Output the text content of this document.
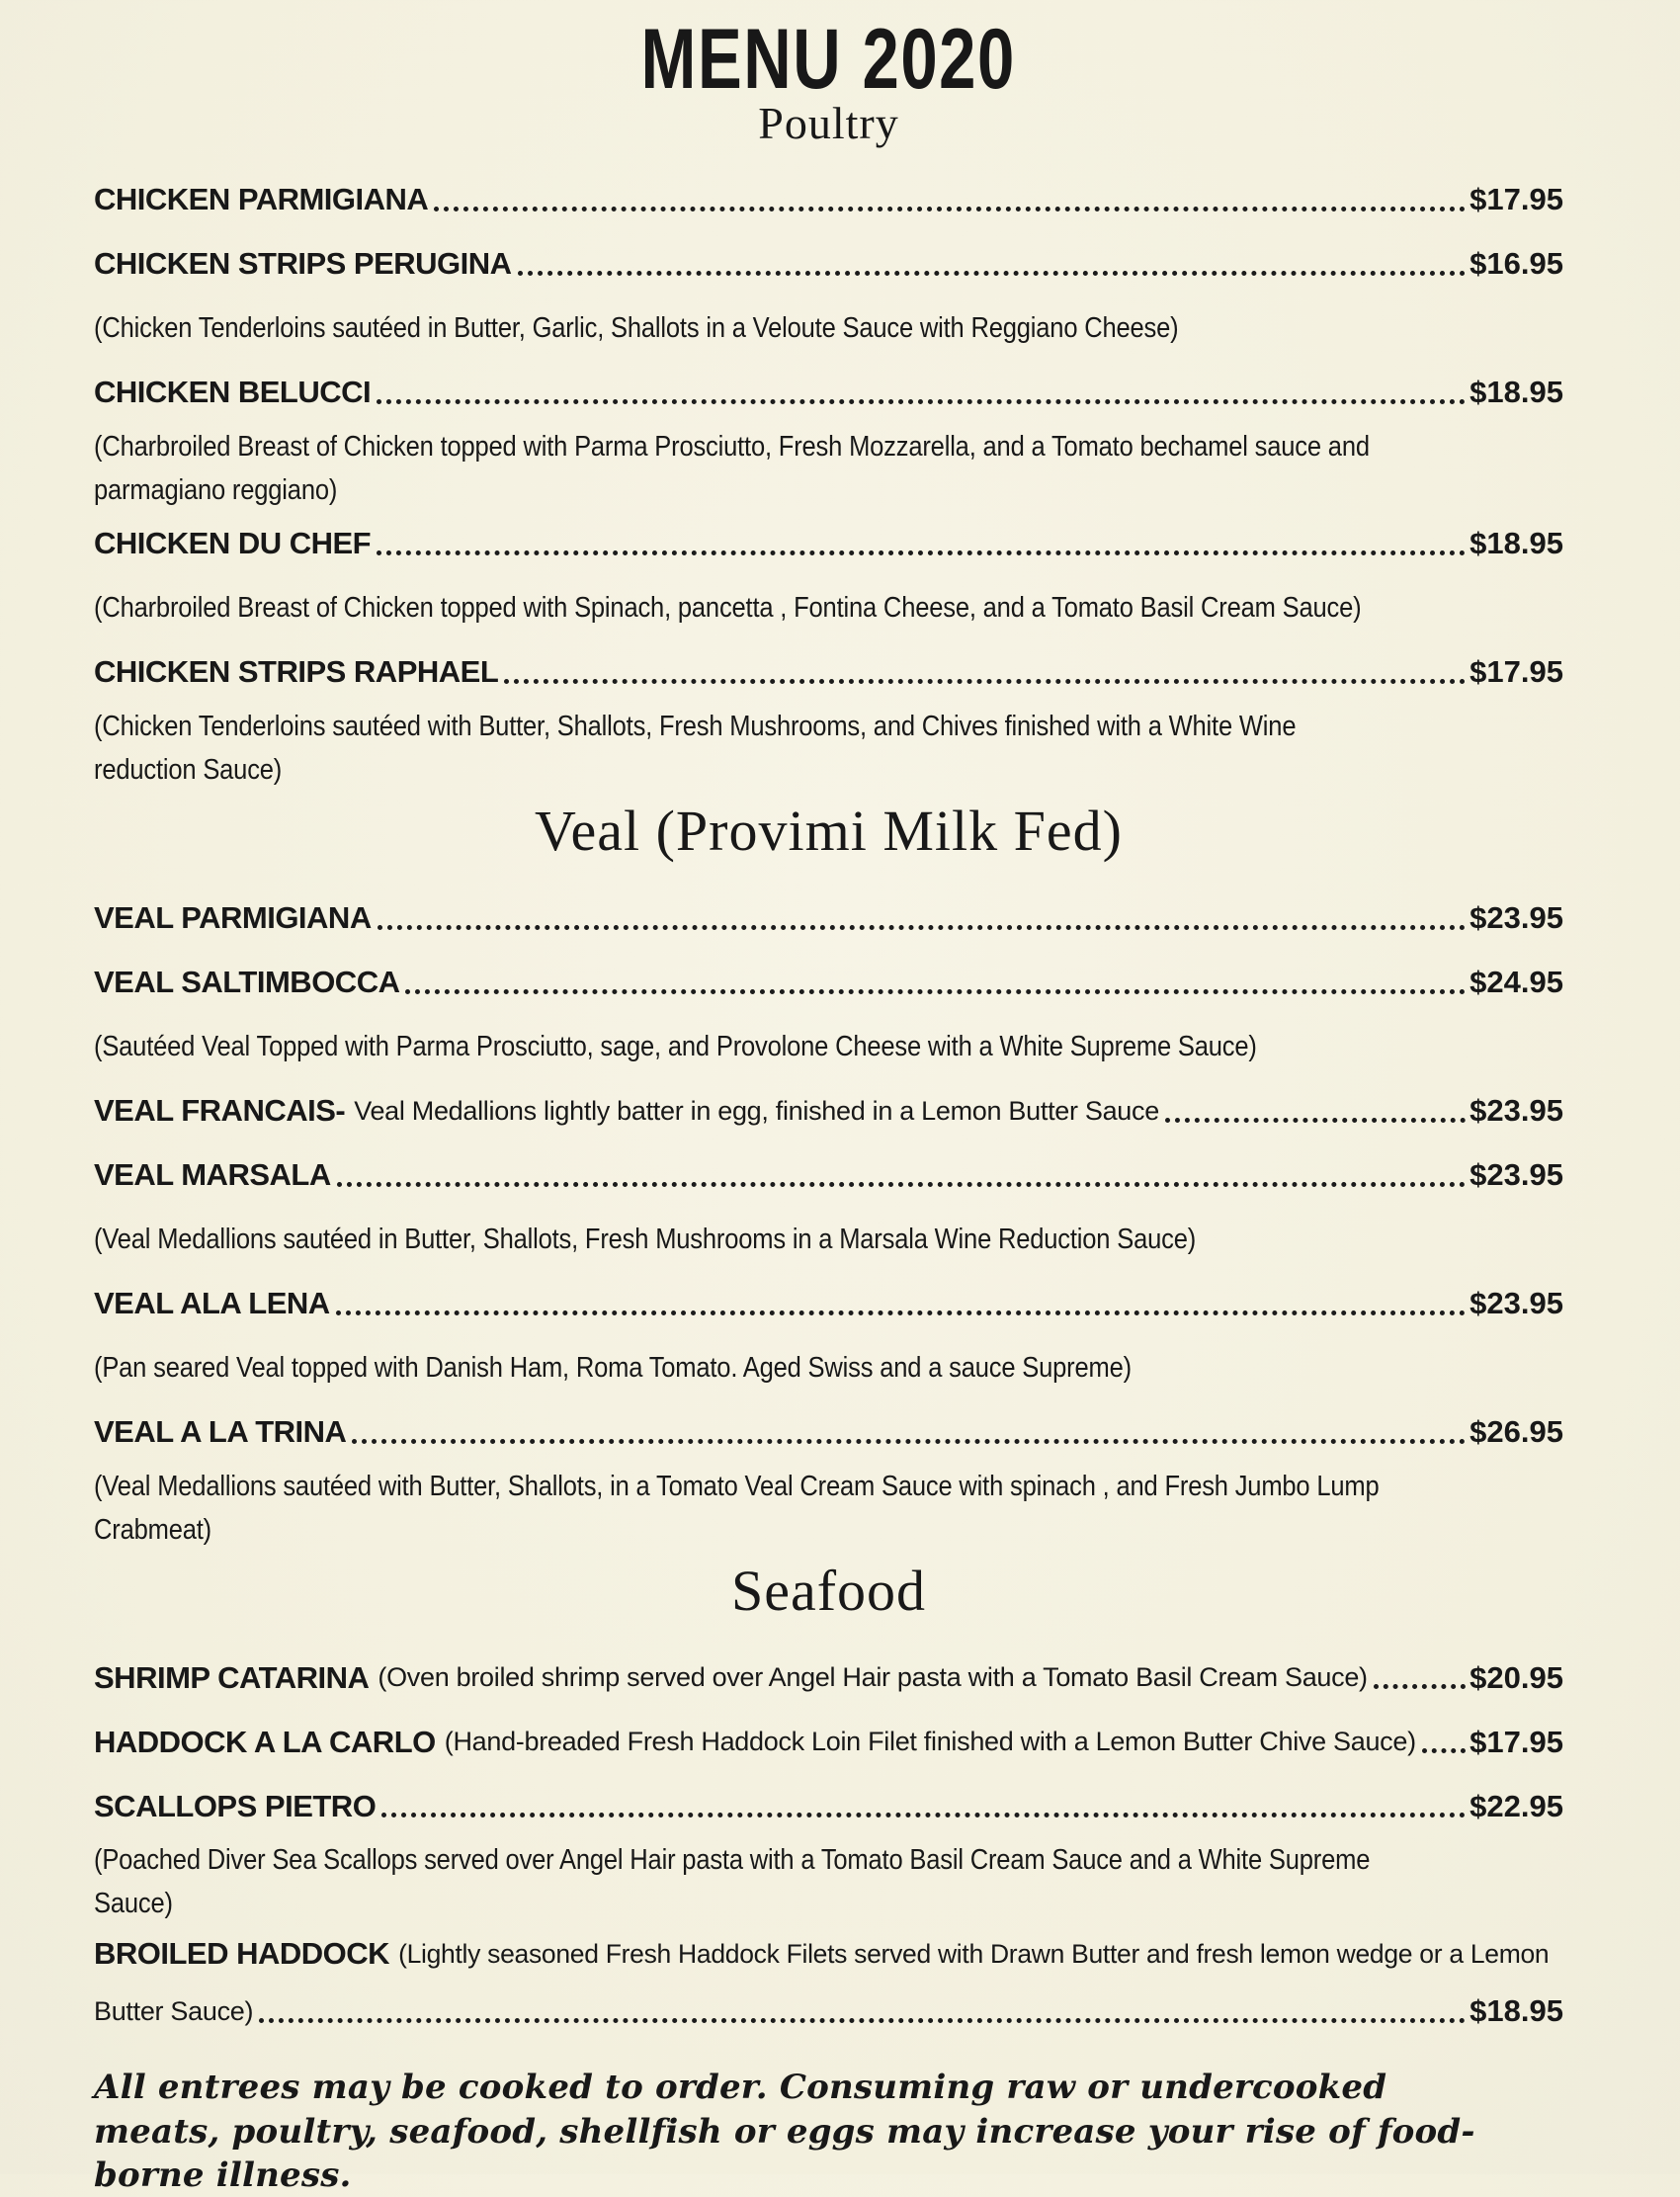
MENU 2020
Poultry
CHICKEN PARMIGIANA	$17.95
CHICKEN STRIPS PERUGINA	$16.95
(Chicken Tenderloins sautéed in Butter, Garlic, Shallots in a Veloute Sauce with Reggiano Cheese)
CHICKEN BELUCCI	$18.95
(Charbroiled Breast of Chicken topped with Parma Prosciutto, Fresh Mozzarella, and a Tomato bechamel sauce and parmagiano reggiano)
CHICKEN DU CHEF	$18.95
(Charbroiled Breast of Chicken topped with Spinach, pancetta , Fontina Cheese, and a Tomato Basil Cream Sauce)
CHICKEN STRIPS RAPHAEL	$17.95
(Chicken Tenderloins sautéed with Butter, Shallots, Fresh Mushrooms, and Chives finished with a White Wine reduction Sauce)
Veal (Provimi Milk Fed)
VEAL PARMIGIANA	$23.95
VEAL SALTIMBOCCA	$24.95
(Sautéed Veal Topped with Parma Prosciutto, sage, and Provolone Cheese with a White Supreme Sauce)
VEAL FRANCAIS- Veal Medallions lightly batter in egg, finished in a Lemon Butter Sauce	$23.95
VEAL MARSALA	$23.95
(Veal Medallions sautéed in Butter, Shallots, Fresh Mushrooms in a Marsala Wine Reduction Sauce)
VEAL ALA LENA	$23.95
(Pan seared Veal topped with Danish Ham, Roma Tomato. Aged Swiss and a sauce Supreme)
VEAL A LA TRINA	$26.95
(Veal Medallions sautéed with Butter, Shallots, in a Tomato Veal Cream Sauce with spinach , and Fresh Jumbo Lump Crabmeat)
Seafood
SHRIMP CATARINA (Oven broiled shrimp served over Angel Hair pasta with a Tomato Basil Cream Sauce)	$20.95
HADDOCK A LA CARLO (Hand-breaded Fresh Haddock Loin Filet finished with a Lemon Butter Chive Sauce) $17.95
SCALLOPS PIETRO	$22.95
(Poached Diver Sea Scallops served over Angel Hair pasta with a Tomato Basil Cream Sauce and a White Supreme Sauce)
BROILED HADDOCK (Lightly seasoned Fresh Haddock Filets served with Drawn Butter and fresh lemon wedge or a Lemon
Butter Sauce)	$18.95

All entrees may be cooked to order. Consuming raw or undercooked meats, poultry, seafood, shellfish or eggs may increase your rise of food-borne illness.
